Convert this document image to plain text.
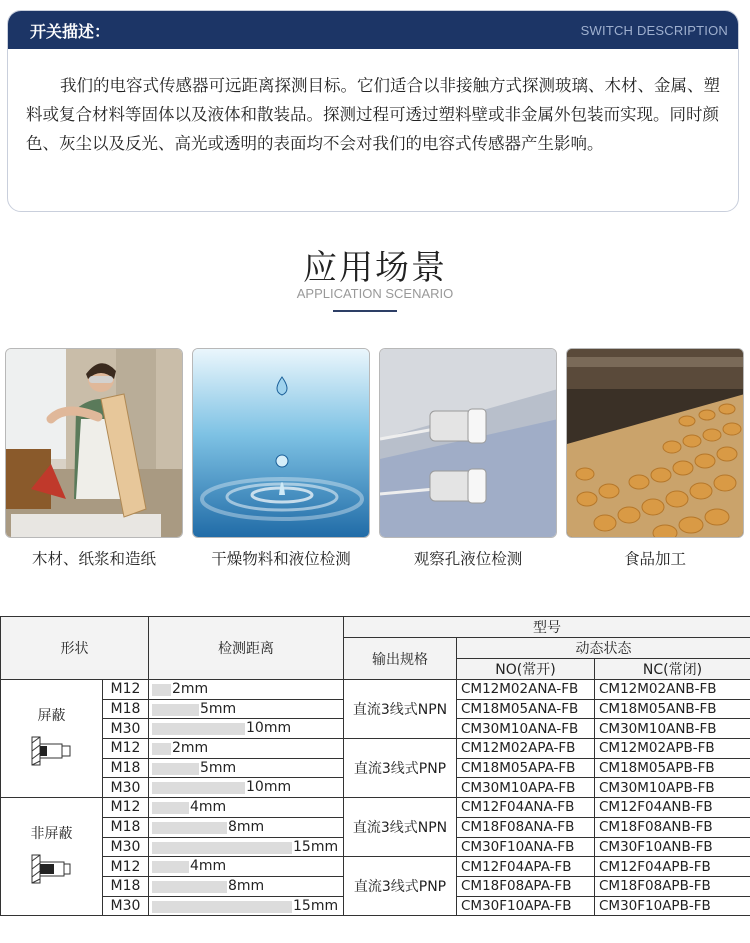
开关描述：	SWITCH DESCRIPTION
我们的电容式传感器可远距离探测目标。它们适合以非接触方式探测玻璃、木材、金属、塑料或复合材料等固体以及液体和散装品。探测过程可透过塑料壁或非金属外包装而实现。同时颜色、灰尘以及反光、高光或透明的表面均不会对我们的电容式传感器产生影响。
应用场景
APPLICATION SCENARIO
木材、纸浆和造纸	干燥物料和液位检测	观察孔液位检测	食品加工
形状		检测距离	型号		
			输出规格	动态状态	
				NO(常开)	NC(常闭)

屏蔽	M12	2mm	直流3线式NPN	CM12M02ANA-FB	CM12M02ANB-FB
	M18	5mm		CM18M05ANA-FB	CM18M05ANB-FB
	M30	10mm		CM30M10ANA-FB	CM30M10ANB-FB
	M12	2mm	直流3线式PNP	CM12M02APA-FB	CM12M02APB-FB
	M18	5mm		CM18M05APA-FB	CM18M05APB-FB
	M30	10mm		CM30M10APA-FB	CM30M10APB-FB

非屏蔽	M12	4mm	直流3线式NPN	CM12F04ANA-FB	CM12F04ANB-FB
	M18	8mm		CM18F08ANA-FB	CM18F08ANB-FB
	M30	15mm		CM30F10ANA-FB	CM30F10ANB-FB
	M12	4mm	直流3线式PNP	CM12F04APA-FB	CM12F04APB-FB
	M18	8mm		CM18F08APA-FB	CM18F08APB-FB
	M30	15mm		CM30F10APA-FB	CM30F10APB-FB
